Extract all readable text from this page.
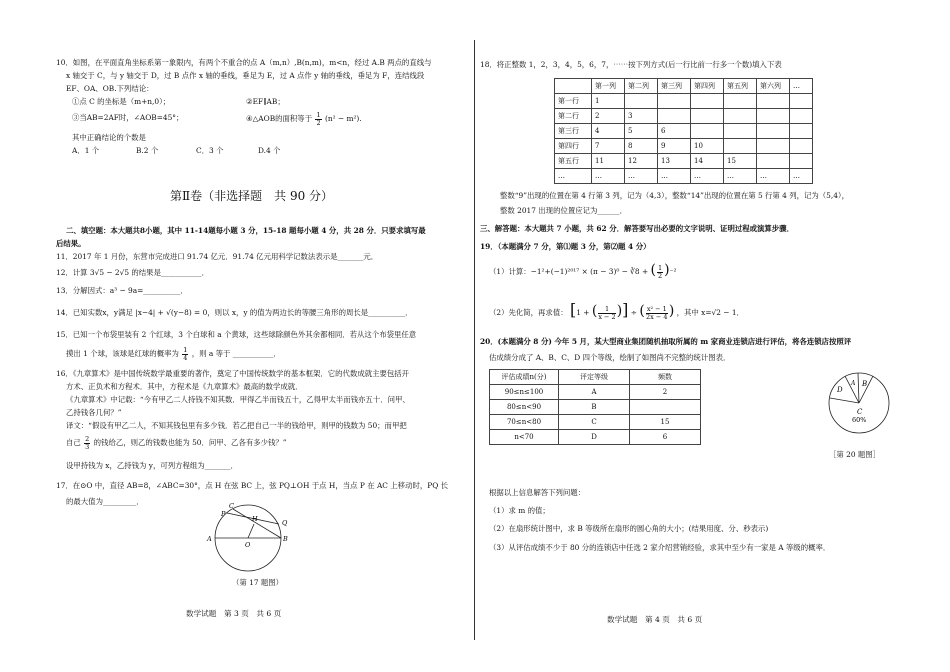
10．如图，在平面直角坐标系第一象限内，有两个不重合的点 A（m,n）,B(n,m)，m<n，经过 A.B 两点的直线与
x 轴交于 C，与 y 轴交于 D，过 B 点作 x 轴的垂线，垂足为 E，过 A 点作 y 轴的垂线，垂足为 F，连结线段
EF、OA、OB.下列结论：
①点 C 的坐标是（m+n,0）；	②EF∥AB；
③当AB=2AF时，∠AOB=45°；	④△AOB的面积等于 $\frac{1}{2} (n^2 - m^2)$.
其中正确结论的个数是
A．1 个	B.2 个	C．3 个	D.4 个
第Ⅱ卷（非选择题　共 90 分）
二、填空题：本大题共8小题，其中 11-14题每小题 3 分，15-18 题每小题 4 分，共 28 分．只要求填写最
后结果。
11．2017 年 1 月份，东营市完成进口 91.74 亿元．91.74 亿元用科学记数法表示是_______元．
12．计算 3√5 − 2√5 的结果是___________．
13．分解因式：a³ − 9a=__________．
14．已知实数x，y满足 |x−4| + √(y−8) = 0，则以 x，y 的值为两边长的等腰三角形的周长是__________．
15．已知一个布袋里装有 2 个红球，3 个白球和 a 个黄球，这些球除颜色外其余都相同．若从这个布袋里任意
摸出 1 个球，该球是红球的概率为 $\frac{1}{4}$ ，则 a 等于 ___________．
16．《九章算术》是中国传统数学最重要的著作，奠定了中国传统数学的基本框架．它的代数成就主要包括开
方术、正负术和方程术．其中，方程术是《九章算术》最高的数学成就．
《九章算术》中记载：“今有甲乙二人持钱不知其数．甲得乙半而钱五十，乙得甲太半而钱亦五十．问甲、
乙持钱各几何？”
译文：“假设有甲乙二人，不知其钱包里有多少钱．若乙把自己一半的钱给甲，则甲的钱数为 50；而甲把
自己 $\frac{2}{3}$ 的钱给乙，则乙的钱数也能为 50．问甲、乙各有多少钱？”
设甲持钱为 x，乙持钱为 y，可列方程组为_______．
17．在⊙O 中，直径 AB=8，∠ABC=30°，点 H 在弦 BC 上，弦 PQ⊥OH 于点 H，当点 P 在 AC 上移动时，PQ 长
的最大值为_________．	C
P
H	Q
A
O
B
（第 17 题图）
数学试题　第 3 页　共 6 页
18．将正整数 1，2，3，4，5，6，7，⋯⋯按下列方式(后一行比前一行多一个数)填入下表
	第一列	第二列	第三列	第四列	第五列	第六列	…
第一行	1						
第二行	2	3					
第三行	4	5	6				
第四行	7	8	9	10			
第五行	11	12	13	14	15		
…	…	…	…	…	…	…	…
整数“9”出现的位置在第 4 行第 3 列，记为（4,3），整数“14”出现的位置在第 5 行第 4 列，记为（5,4），
整数 2017 出现的位置应记为______．
三、解答题：本大题共 7 小题，共 62 分．解答要写出必要的文字说明、证明过程或演算步骤．
19．（本题满分 7 分，第⑴题 3 分，第⑵题 4 分）
（1）计算：−1²+(−1)²⁰¹⁷ × (π − 3)⁰ − ∛8 + ( $\frac{1}{2} )^{-2}$
（2）先化简，再求值： [1 + ( $\frac{1}{x - 2}$ )] ÷ ( $\frac{\text{x² − 1}}{2x - 4}$ ) ，其中 x=√2 − 1．
20．(本题满分 8 分) 今年 5 月，某大型商业集团随机抽取所属的 m 家商业连锁店进行评估，将各连锁店按照评
估成绩分成了 A、B、C、D 四个等级，绘制了如图尚不完整的统计图表．
评估成绩n(分)	评定等级	频数
90≤n≤100	A	2
80≤n<90	B	
70≤n<80	C	15
n<70	D	6
D
A B
C
60%
［第 20 题图］
根据以上信息解答下列问题：
（1）求 m 的值；
（2）在扇形统计图中，求 B 等级所在扇形的圆心角的大小；(结果用度、分、秒表示)
（3）从评估成绩不少于 80 分的连锁店中任选 2 家介绍营销经验，求其中至少有一家是 A 等级的概率．
数学试题　第 4 页　共 6 页
